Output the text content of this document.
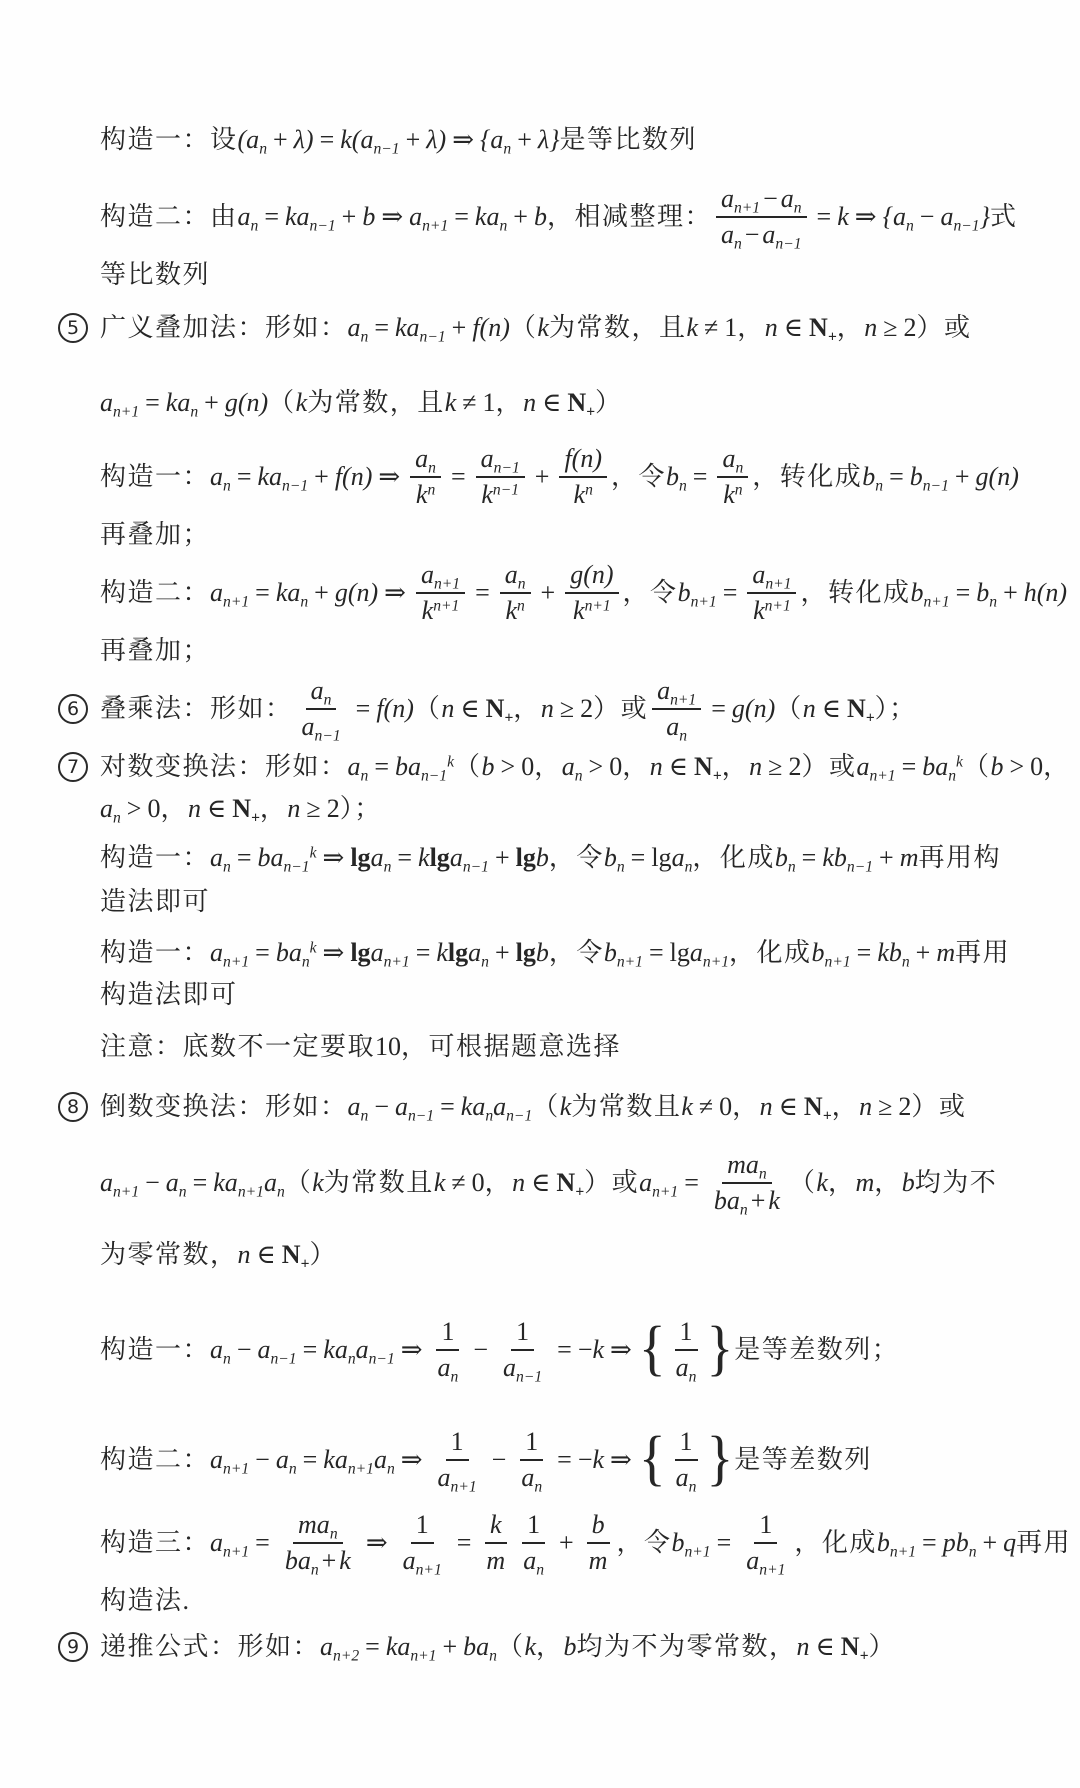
构造一：设 $(a_n + \lambda) = k$ $(a_{n-1} + \lambda)$ ⇒ $\{a_n + \lambda\}$ 是等比数列
构造二：由 $a_n = ka_{n-1} + b$ ⇒ $a_{n+1} = ka_n + b$ ，相减整理： $\frac{a_{n+1} - a_n}{a_n - a_{n-1}} = k$ ⇒ {$a_n - a_{n-1}$ } 式
等比数列
5 广义叠加法：形如： $a_n = ka_{n-1} + f(n)$ （ k 为常数，且 k ≠ 1 ， n ∈ $N_+$ ， n ≥ 2 ）或
$a_{n+1} = ka_n + g(n)$ （ k 为常数，且 k ≠ 1 ， n ∈ $N_+$ ）
构造一： $a_n = ka_{n-1} + f(n)$ ⇒ $\frac{a_n}{k^n} = \frac{a_{n-1}}{k^{n-1}} + \frac{f(n)}{k^n}$ ，令 $b_n = \frac{a_n}{k^n}$ ，转化成 $b_n = b_{n-1} + g(n)$
再叠加；
构造二： $a_{n+1} = ka_n + g(n)$ ⇒ $\frac{a_{n+1}}{k^{n+1}} = \frac{a_n}{k^n} + \frac{g(n)}{k^{n+1}}$ ，令 $b_{n+1} = \frac{a_{n+1}}{k^{n+1}}$ ，转化成 $b_{n+1} = b_n + h(n)$
再叠加；
6 叠乘法：形如： $\frac{a_n}{a_{n-1}} = f(n)$ （ n ∈ $N_+$ ， n ≥ 2 ）或 $\frac{a_{n+1}}{a_n} = g(n)$ （ n ∈ $N_+$ ）；
7 对数变换法：形如： $a_n = ba_{n-1}^k$ （ b > 0 ， $a_n > 0$ ， n ∈ $N_+$ ， n ≥ 2 ）或 $a_{n+1} = ba_n^k$ （ b > 0 ，
$a_n > 0$ ， n ∈ $N_+$ ， n ≥ 2 ）；
构造一： $a_n = ba_{n-1}^k$ ⇒ $\lg a_n = k$ $\lg a_{n-1} + \lg b$ ，令 $b_n = \lg a_n$ ，化成 $b_n = kb_{n-1} + m$ 再用构
造法即可
构造一： $a_{n+1} = ba_n^k$ ⇒ $\lg a_{n+1} = k$ $\lg a_n + \lg b$ ，令 $b_{n+1} = \lg a_{n+1}$ ，化成 $b_{n+1} = kb_n + m$ 再用
构造法即可
注意：底数不一定要取 10 ，可根据题意选择
8 倒数变换法：形如： $a_n - a_{n-1} = ka_n$ $a_{n-1}$ （ k 为常数且 k ≠ 0 ， n ∈ $N_+$ ， n ≥ 2 ）或
$a_{n+1} - a_n = ka_{n+1}$ $a_n$ （ k 为常数且 k ≠ 0 ， n ∈ $N_+$ ）或 $a_{n+1} = \frac{ma_n}{ba_n + k}$ （ k ， m ， b 均为不
为零常数， n ∈ $N_+$ ）
构造一： $a_n - a_{n-1} = ka_n$ $a_{n-1}$ ⇒ $\frac{1}{a_n} - \frac{1}{a_{n-1}}$ = − k ⇒ { $\frac{1}{a_n}$ } 是等差数列；
构造二： $a_{n+1} - a_n = ka_{n+1}$ $a_n$ ⇒ $\frac{1}{a_{n+1}} - \frac{1}{a_n}$ = − k ⇒ { $\frac{1}{a_n}$ } 是等差数列
构造三： $a_{n+1} = \frac{ma_n}{ba_n + k}$ ⇒ $\frac{1}{a_{n+1}} = \frac{k}{m} \frac{1}{a_n} + \frac{b}{m}$ ，令 $b_{n+1} = \frac{1}{a_{n+1}}$ ，化成 $b_{n+1} = pb_n + q$ 再用
构造法.
9 递推公式：形如： $a_{n+2} = ka_{n+1} + ba_n$ （ k ， b 均为不为零常数， n ∈ $N_+$ ）
